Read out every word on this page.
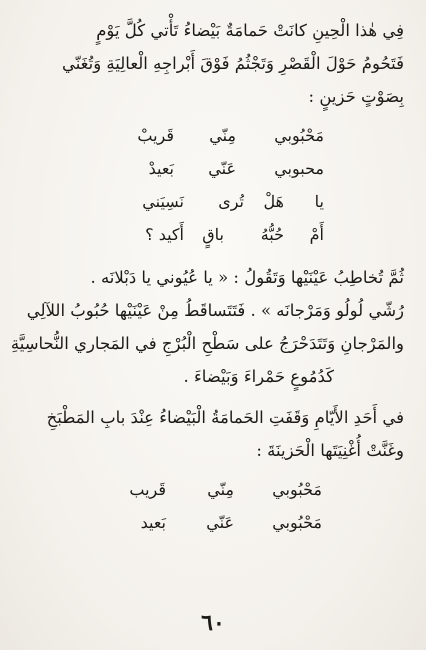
فِي هٰذا الْحِينِ كانَتْ حَمامَةٌ بَيْضاءُ تَأْتي كُلَّ يَوْمٍ

فَتَحُومُ حَوْلَ الْقَصْرِ وَتَجْثُمُ فَوْقَ أَبْراجِهِ الْعالِيَةِ وَتُغَنّي

بِصَوْتٍ حَزينٍ :

مَحْبُوبي
مِنّي
قَريبْ
محبوبي
عَنّي
بَعيدْ
يا
هَلْ
تُرى
نَسِيَني
أَمْ
حُبُّهُ
باقٍ
أَكيد ؟

ثُمَّ تُخاطِبُ عَيْنَيْها وَتَقُولُ : « يا عُيُوني يا دَبْلانَه .

رُشّي لُولُو وَمَرْجانَه » . فَتَتَساقَطُ مِنْ عَيْنَيْها حُبُوبُ اللآلِي

والمَرْجانِ وَتَتَدَحْرَجُ على سَطْحِ الْبُرْجِ في المَجاري النُّحاسِيَّةِ

كَدُمُوعٍ حَمْراءَ وَبَيْضاءَ .

في أَحَدِ الأَيّامِ وَقَفَتِ الحَمامَةُ الْبَيْضاءُ عِنْدَ بابِ المَطْبَخِ

وغَنَّتْ أُغْنِيَتَها الْحَزينَةَ :

مَحْبُوبي
مِنّي
قَريب
مَحْبُوبي
عَنّي
بَعيد
٦٠
